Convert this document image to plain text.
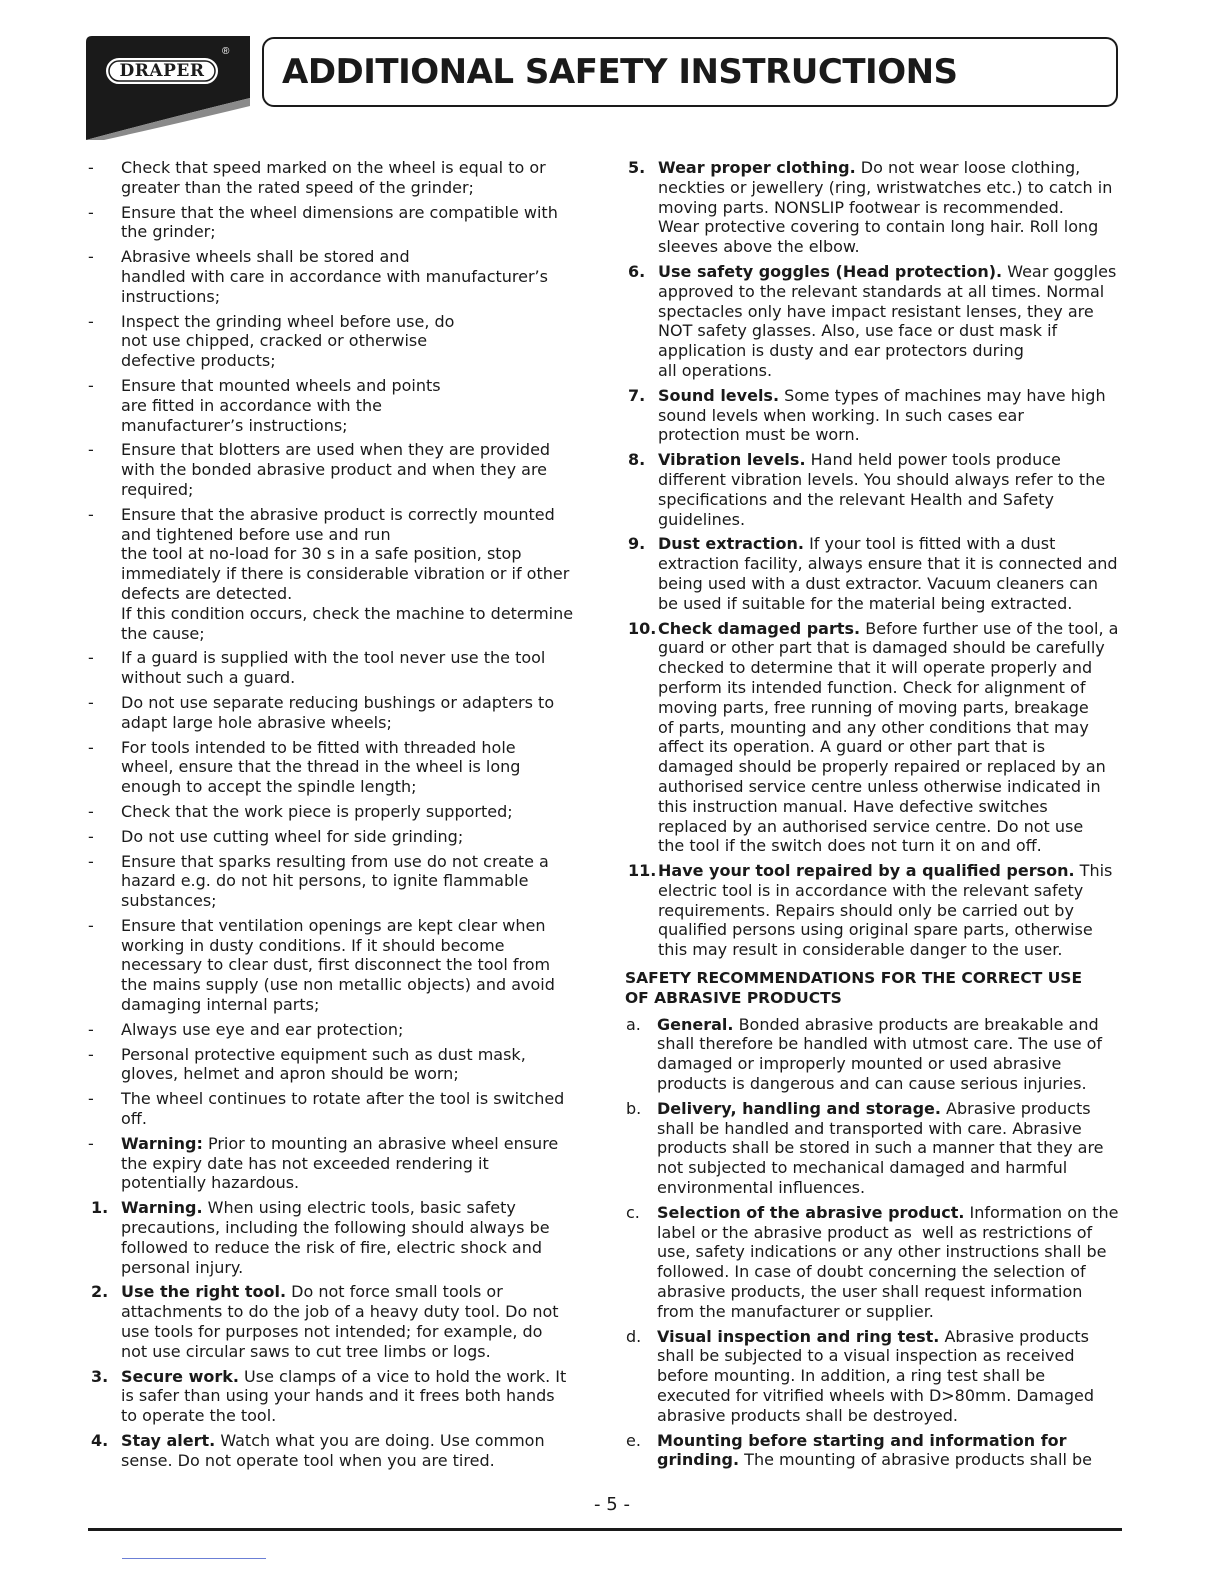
DRAPER
®
ADDITIONAL SAFETY INSTRUCTIONS
- Check that speed marked on the wheel is equal to or
greater than the rated speed of the grinder;
- Ensure that the wheel dimensions are compatible with
the grinder;
- Abrasive wheels shall be stored and
handled with care in accordance with manufacturer’s
instructions;
- Inspect the grinding wheel before use, do
not use chipped, cracked or otherwise
defective products;
- Ensure that mounted wheels and points
are fitted in accordance with the
manufacturer’s instructions;
- Ensure that blotters are used when they are provided
with the bonded abrasive product and when they are
required;
- Ensure that the abrasive product is correctly mounted
and tightened before use and run
the tool at no-load for 30 s in a safe position, stop
immediately if there is considerable vibration or if other
defects are detected.
If this condition occurs, check the machine to determine
the cause;
- If a guard is supplied with the tool never use the tool
without such a guard.
- Do not use separate reducing bushings or adapters to
adapt large hole abrasive wheels;
- For tools intended to be fitted with threaded hole
wheel, ensure that the thread in the wheel is long
enough to accept the spindle length;
- Check that the work piece is properly supported;
- Do not use cutting wheel for side grinding;
- Ensure that sparks resulting from use do not create a
hazard e.g. do not hit persons, to ignite flammable
substances;
- Ensure that ventilation openings are kept clear when
working in dusty conditions. If it should become
necessary to clear dust, first disconnect the tool from
the mains supply (use non metallic objects) and avoid
damaging internal parts;
- Always use eye and ear protection;
- Personal protective equipment such as dust mask,
gloves, helmet and apron should be worn;
- The wheel continues to rotate after the tool is switched
off.
- Warning: Prior to mounting an abrasive wheel ensure
the expiry date has not exceeded rendering it
potentially hazardous.
1. Warning. When using electric tools, basic safety
precautions, including the following should always be
followed to reduce the risk of fire, electric shock and
personal injury.
2. Use the right tool. Do not force small tools or
attachments to do the job of a heavy duty tool. Do not
use tools for purposes not intended; for example, do
not use circular saws to cut tree limbs or logs.
3. Secure work. Use clamps of a vice to hold the work. It
is safer than using your hands and it frees both hands
to operate the tool.
4. Stay alert. Watch what you are doing. Use common
sense. Do not operate tool when you are tired.
5. Wear proper clothing. Do not wear loose clothing,
neckties or jewellery (ring, wristwatches etc.) to catch in
moving parts. NONSLIP footwear is recommended.
Wear protective covering to contain long hair. Roll long
sleeves above the elbow.
6. Use safety goggles (Head protection). Wear goggles
approved to the relevant standards at all times. Normal
spectacles only have impact resistant lenses, they are
NOT safety glasses. Also, use face or dust mask if
application is dusty and ear protectors during
all operations.
7. Sound levels. Some types of machines may have high
sound levels when working. In such cases ear
protection must be worn.
8. Vibration levels. Hand held power tools produce
different vibration levels. You should always refer to the
specifications and the relevant Health and Safety
guidelines.
9. Dust extraction. If your tool is fitted with a dust
extraction facility, always ensure that it is connected and
being used with a dust extractor. Vacuum cleaners can
be used if suitable for the material being extracted.
10. Check damaged parts. Before further use of the tool, a
guard or other part that is damaged should be carefully
checked to determine that it will operate properly and
perform its intended function. Check for alignment of
moving parts, free running of moving parts, breakage
of parts, mounting and any other conditions that may
affect its operation. A guard or other part that is
damaged should be properly repaired or replaced by an
authorised service centre unless otherwise indicated in
this instruction manual. Have defective switches
replaced by an authorised service centre. Do not use
the tool if the switch does not turn it on and off.
11. Have your tool repaired by a qualified person. This
electric tool is in accordance with the relevant safety
requirements. Repairs should only be carried out by
qualified persons using original spare parts, otherwise
this may result in considerable danger to the user.
SAFETY RECOMMENDATIONS FOR THE CORRECT USE
OF ABRASIVE PRODUCTS
a. General. Bonded abrasive products are breakable and
shall therefore be handled with utmost care. The use of
damaged or improperly mounted or used abrasive
products is dangerous and can cause serious injuries.
b. Delivery, handling and storage. Abrasive products
shall be handled and transported with care. Abrasive
products shall be stored in such a manner that they are
not subjected to mechanical damaged and harmful
environmental influences.
c. Selection of the abrasive product. Information on the
label or the abrasive product as  well as restrictions of
use, safety indications or any other instructions shall be
followed. In case of doubt concerning the selection of
abrasive products, the user shall request information
from the manufacturer or supplier.
d. Visual inspection and ring test. Abrasive products
shall be subjected to a visual inspection as received
before mounting. In addition, a ring test shall be
executed for vitrified wheels with D>80mm. Damaged
abrasive products shall be destroyed.
e. Mounting before starting and information for
grinding. The mounting of abrasive products shall be
- 5 -
